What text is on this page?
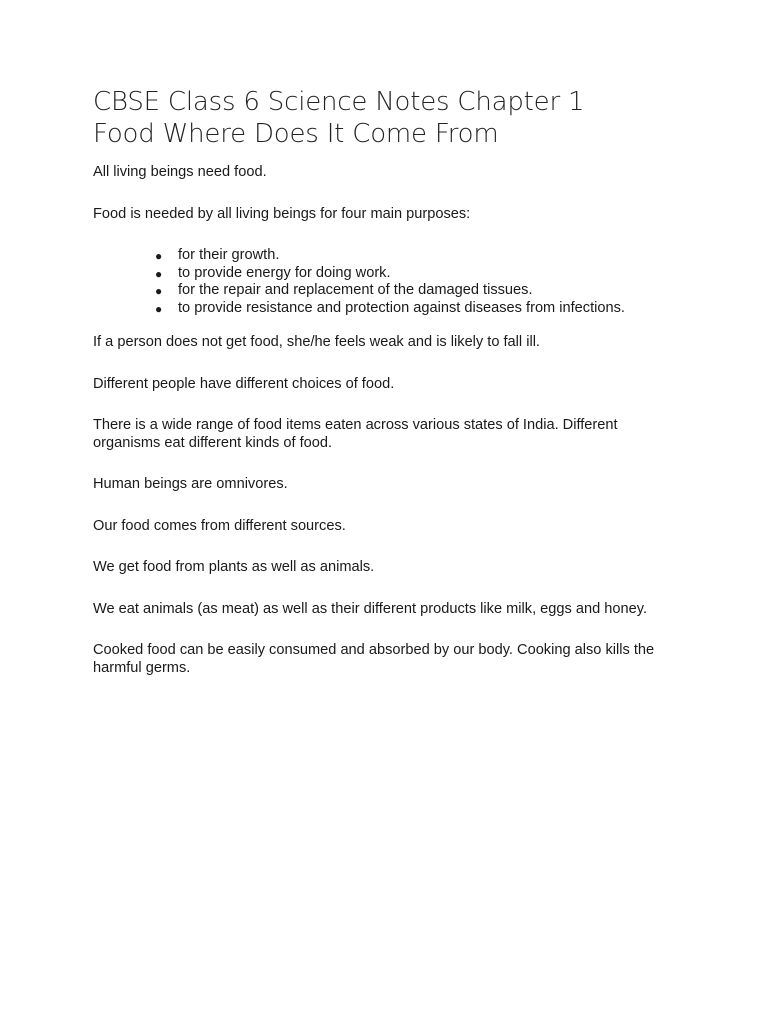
CBSE Class 6 Science Notes Chapter 1
Food Where Does It Come From

All living beings need food.

Food is needed by all living beings for four main purposes:

● for their growth.
● to provide energy for doing work.
● for the repair and replacement of the damaged tissues.
● to provide resistance and protection against diseases from infections.

If a person does not get food, she/he feels weak and is likely to fall ill.

Different people have different choices of food.

There is a wide range of food items eaten across various states of India. Different organisms eat different kinds of food.

Human beings are omnivores.

Our food comes from different sources.

We get food from plants as well as animals.

We eat animals (as meat) as well as their different products like milk, eggs and honey.

Cooked food can be easily consumed and absorbed by our body. Cooking also kills the harmful germs.
